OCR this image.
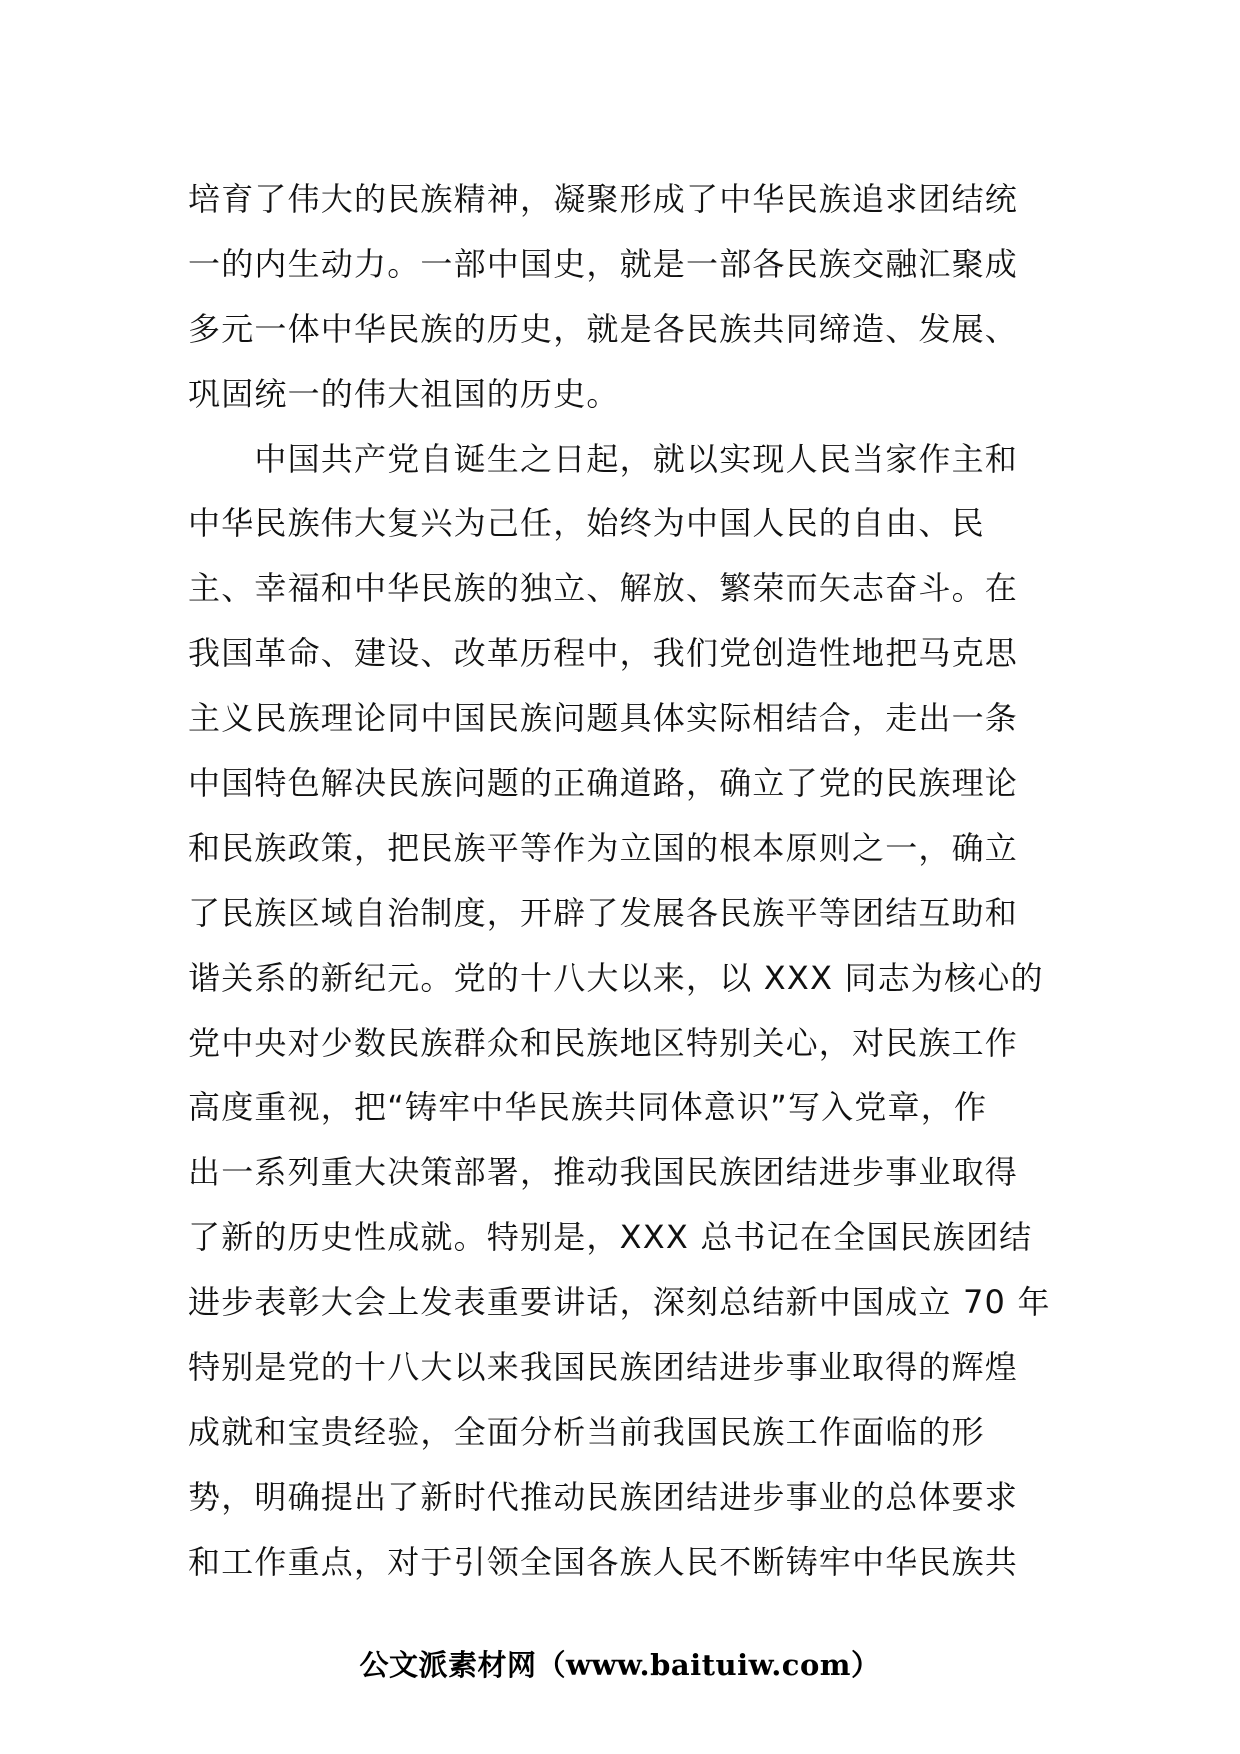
培育了伟大的民族精神，凝聚形成了中华民族追求团结统
一的内生动力。一部中国史，就是一部各民族交融汇聚成
多元一体中华民族的历史，就是各民族共同缔造、发展、
巩固统一的伟大祖国的历史。
　　中国共产党自诞生之日起，就以实现人民当家作主和
中华民族伟大复兴为己任，始终为中国人民的自由、民
主、幸福和中华民族的独立、解放、繁荣而矢志奋斗。在
我国革命、建设、改革历程中，我们党创造性地把马克思
主义民族理论同中国民族问题具体实际相结合，走出一条
中国特色解决民族问题的正确道路，确立了党的民族理论
和民族政策，把民族平等作为立国的根本原则之一，确立
了民族区域自治制度，开辟了发展各民族平等团结互助和
谐关系的新纪元。党的十八大以来，以 XXX 同志为核心的
党中央对少数民族群众和民族地区特别关心，对民族工作
高度重视，把“铸牢中华民族共同体意识”写入党章，作
出一系列重大决策部署，推动我国民族团结进步事业取得
了新的历史性成就。特别是，XXX 总书记在全国民族团结
进步表彰大会上发表重要讲话，深刻总结新中国成立 70 年
特别是党的十八大以来我国民族团结进步事业取得的辉煌
成就和宝贵经验，全面分析当前我国民族工作面临的形
势，明确提出了新时代推动民族团结进步事业的总体要求
和工作重点，对于引领全国各族人民不断铸牢中华民族共
公文派素材网（www.baituiw.com）
